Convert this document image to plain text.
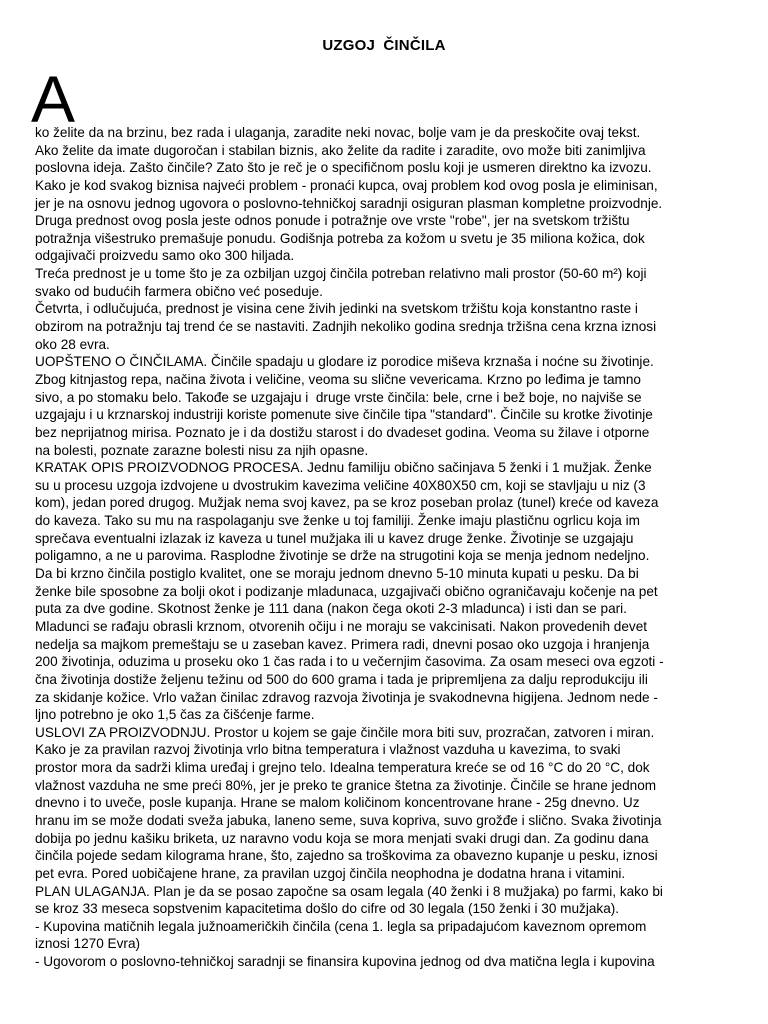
UZGOJ ČINČILA
A
ko želite da na brzinu, bez rada i ulaganja, zaradite neki novac, bolje vam je da preskočite ovaj tekst.
Ako želite da imate dugoročan i stabilan biznis, ako želite da radite i zaradite, ovo može biti zanimljiva
poslovna ideja. Zašto činčile? Zato što je reč je o specifičnom poslu koji je usmeren direktno ka izvozu.
Kako je kod svakog biznisa najveći problem - pronaći kupca, ovaj problem kod ovog posla je eliminisan,
jer je na osnovu jednog ugovora o poslovno-tehničkoj saradnji osiguran plasman kompletne proizvodnje.
Druga prednost ovog posla jeste odnos ponude i potražnje ove vrste "robe", jer na svetskom tržištu
potražnja višestruko premašuje ponudu. Godišnja potreba za kožom u svetu je 35 miliona kožica, dok
odgajivači proizvedu samo oko 300 hiljada.
Treća prednost je u tome što je za ozbiljan uzgoj činčila potreban relativno mali prostor (50-60 m²) koji
svako od budućih farmera obično već poseduje.
Četvrta, i odlučujuća, prednost je visina cene živih jedinki na svetskom tržištu koja konstantno raste i
obzirom na potražnju taj trend će se nastaviti. Zadnjih nekoliko godina srednja tržišna cena krzna iznosi
oko 28 evra.
UOPŠTENO O ČINČILAMA. Činčile spadaju u glodare iz porodice miševa krznaša i noćne su životinje.
Zbog kitnjastog repa, načina života i veličine, veoma su slične vevericama. Krzno po leđima je tamno
sivo, a po stomaku belo. Takođe se uzgajaju i  druge vrste činčila: bele, crne i bež boje, no najviše se
uzgajaju i u krznarskoj industriji koriste pomenute sive činčile tipa "standard". Činčile su krotke životinje
bez neprijatnog mirisa. Poznato je i da dostižu starost i do dvadeset godina. Veoma su žilave i otporne
na bolesti, poznate zarazne bolesti nisu za njih opasne.
KRATAK OPIS PROIZVODNOG PROCESA. Jednu familiju obično sačinjava 5 ženki i 1 mužjak. Ženke
su u procesu uzgoja izdvojene u dvostrukim kavezima veličine 40X80X50 cm, koji se stavljaju u niz (3
kom), jedan pored drugog. Mužjak nema svoj kavez, pa se kroz poseban prolaz (tunel) kreće od kaveza
do kaveza. Tako su mu na raspolaganju sve ženke u toj familiji. Ženke imaju plastičnu ogrlicu koja im
sprečava eventualni izlazak iz kaveza u tunel mužjaka ili u kavez druge ženke. Životinje se uzgajaju
poligamno, a ne u parovima. Rasplodne životinje se drže na strugotini koja se menja jednom nedeljno.
Da bi krzno činčila postiglo kvalitet, one se moraju jednom dnevno 5-10 minuta kupati u pesku. Da bi
ženke bile sposobne za bolji okot i podizanje mladunaca, uzgajivači obično ograničavaju kočenje na pet
puta za dve godine. Skotnost ženke je 111 dana (nakon čega okoti 2-3 mladunca) i isti dan se pari.
Mladunci se rađaju obrasli krznom, otvorenih očiju i ne moraju se vakcinisati. Nakon provedenih devet
nedelja sa majkom premeštaju se u zaseban kavez. Primera radi, dnevni posao oko uzgoja i hranjenja
200 životinja, oduzima u proseku oko 1 čas rada i to u večernjim časovima. Za osam meseci ova egzoti -
čna životinja dostiže željenu težinu od 500 do 600 grama i tada je pripremljena za dalju reprodukciju ili
za skidanje kožice. Vrlo važan činilac zdravog razvoja životinja je svakodnevna higijena. Jednom nede -
ljno potrebno je oko 1,5 čas za čišćenje farme.
USLOVI ZA PROIZVODNJU. Prostor u kojem se gaje činčile mora biti suv, prozračan, zatvoren i miran.
Kako je za pravilan razvoj životinja vrlo bitna temperatura i vlažnost vazduha u kavezima, to svaki
prostor mora da sadrži klima uređaj i grejno telo. Idealna temperatura kreće se od 16 °C do 20 °C, dok
vlažnost vazduha ne sme preći 80%, jer je preko te granice štetna za životinje. Činčile se hrane jednom
dnevno i to uveče, posle kupanja. Hrane se malom količinom koncentrovane hrane - 25g dnevno. Uz
hranu im se može dodati sveža jabuka, laneno seme, suva kopriva, suvo grožđe i slično. Svaka životinja
dobija po jednu kašiku briketa, uz naravno vodu koja se mora menjati svaki drugi dan. Za godinu dana
činčila pojede sedam kilograma hrane, što, zajedno sa troškovima za obavezno kupanje u pesku, iznosi
pet evra. Pored uobičajene hrane, za pravilan uzgoj činčila neophodna je dodatna hrana i vitamini.
PLAN ULAGANJA. Plan je da se posao započne sa osam legala (40 ženki i 8 mužjaka) po farmi, kako bi
se kroz 33 meseca sopstvenim kapacitetima došlo do cifre od 30 legala (150 ženki i 30 mužjaka).
- Kupovina matičnih legala južnoameričkih činčila (cena 1. legla sa pripadajućom kaveznom opremom
iznosi 1270 Evra)
- Ugovorom o poslovno-tehničkoj saradnji se finansira kupovina jednog od dva matična legla i kupovina
